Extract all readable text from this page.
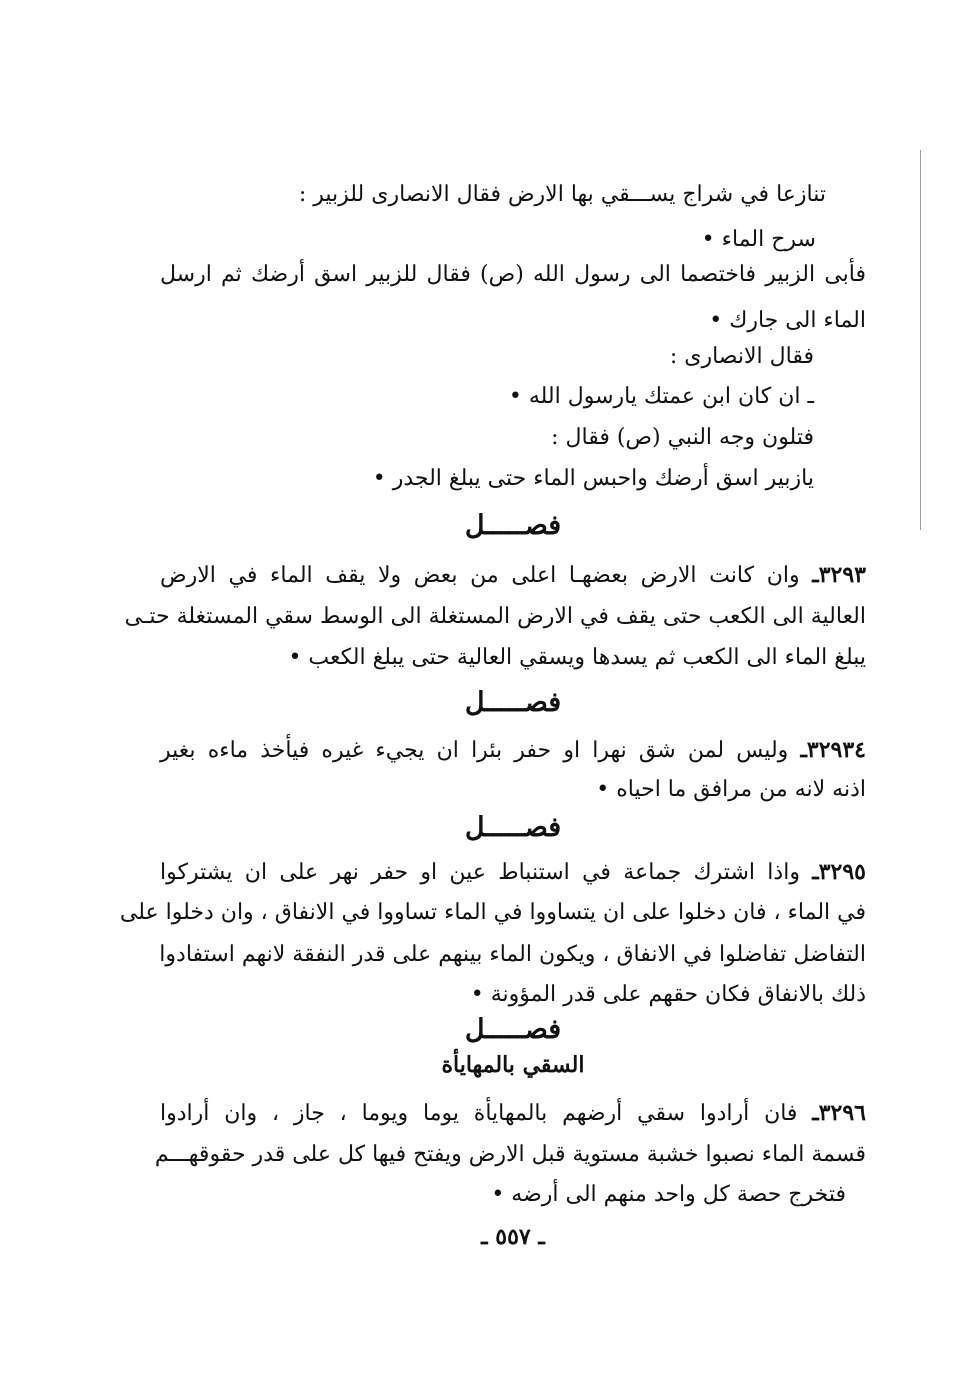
تنازعا في شراج يســـقي بها الارض فقال الانصارى للزبير :
سرح الماء •
فأبى الزبير فاختصما الى رسول الله (ص) فقال للزبير اسق أرضك ثم ارسل
الماء الى جارك •
فقال الانصارى :
ـ ان كان ابن عمتك يارسول الله •
فتلون وجه النبي (ص) فقال :
يازبير اسق أرضك واحبس الماء حتى يبلغ الجدر •
فصـــــل
٣٢٩٣ـ وان كانت الارض بعضهـا اعلى من بعض ولا يقف الماء في الارض
العالية الى الكعب حتى يقف في الارض المستغلة الى الوسط سقي المستغلة حتـى
يبلغ الماء الى الكعب ثم يسدها ويسقي العالية حتى يبلغ الكعب •
فصـــــل
٣٢٩٣٤ـ وليس لمن شق نهرا او حفر بئرا ان يجيء غيره فيأخذ ماءه بغير
اذنه لانه من مرافق ما احياه •
فصـــــل
٣٢٩٥ـ واذا اشترك جماعة في استنباط عين او حفر نهر على ان يشتركوا
في الماء ، فان دخلوا على ان يتساووا في الماء تساووا في الانفاق ، وان دخلوا على
التفاضل تفاضلوا في الانفاق ، ويكون الماء بينهم على قدر النفقة لانهم استفادوا
ذلك بالانفاق فكان حقهم على قدر المؤونة •
فصـــــل
السقي بالمهايأة
٣٢٩٦ـ فان أرادوا سقي أرضهم بالمهايأة يوما ويوما ، جاز ، وان أرادوا
قسمة الماء نصبوا خشبة مستوية قبل الارض ويفتح فيها كل على قدر حقوقهـــم
فتخرج حصة كل واحد منهم الى أرضه •
ـ ٥٥٧ ـ
